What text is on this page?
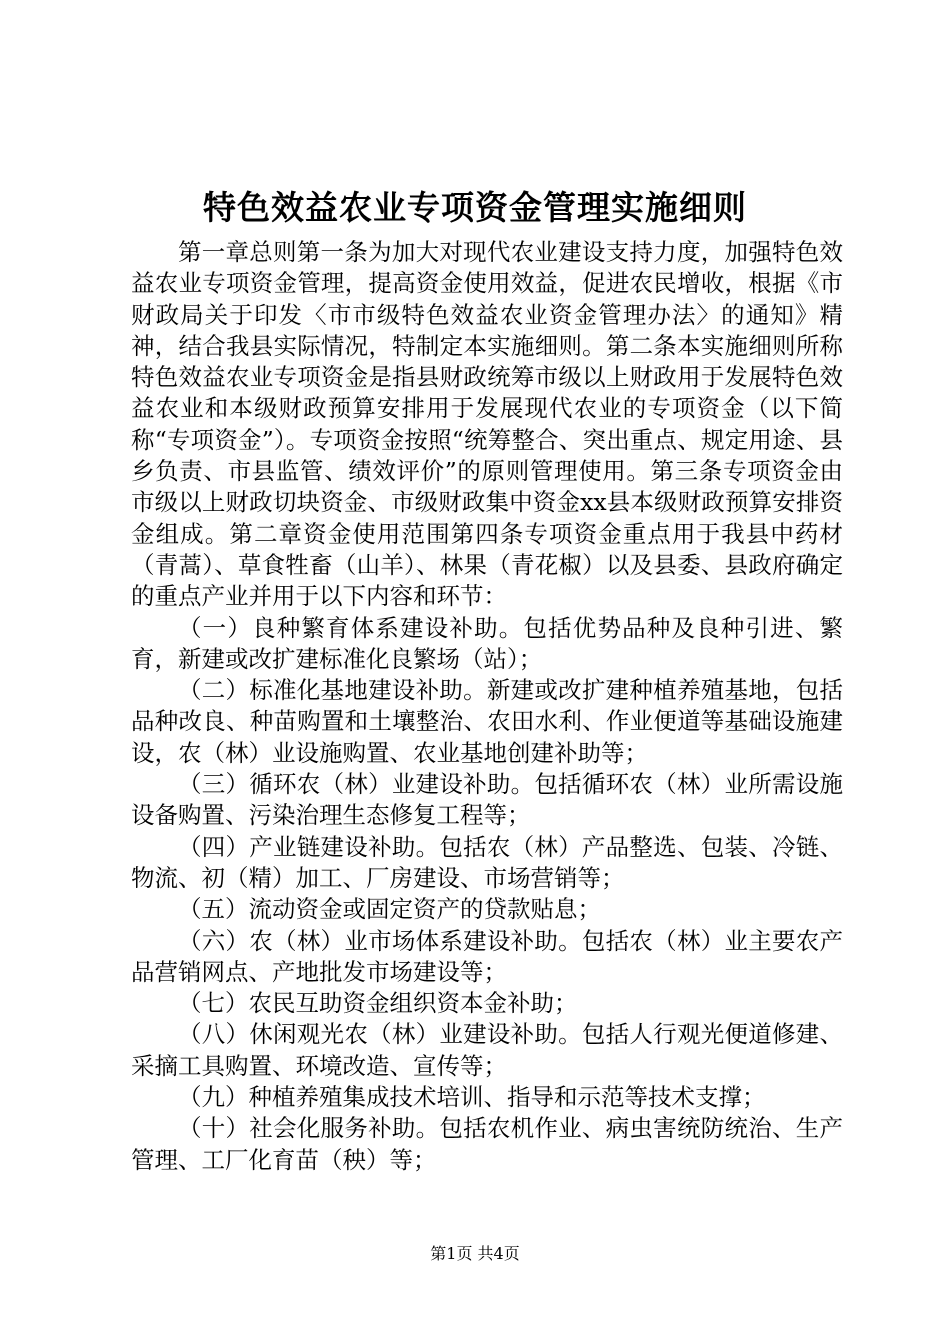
特色效益农业专项资金管理实施细则

第一章总则第一条为加大对现代农业建设支持力度，加强特色效益农业专项资金管理，提高资金使用效益，促进农民增收，根据《市财政局关于印发〈市市级特色效益农业资金管理办法〉的通知》精神，结合我县实际情况，特制定本实施细则。第二条本实施细则所称特色效益农业专项资金是指县财政统筹市级以上财政用于发展特色效益农业和本级财政预算安排用于发展现代农业的专项资金（以下简称“专项资金”）。专项资金按照“统筹整合、突出重点、规定用途、县乡负责、市县监管、绩效评价”的原则管理使用。第三条专项资金由市级以上财政切块资金、市级财政集中资金xx县本级财政预算安排资金组成。第二章资金使用范围第四条专项资金重点用于我县中药材（青蒿）、草食牲畜（山羊）、林果（青花椒）以及县委、县政府确定的重点产业并用于以下内容和环节：

（一）良种繁育体系建设补助。包括优势品种及良种引进、繁育，新建或改扩建标准化良繁场（站）；

（二）标准化基地建设补助。新建或改扩建种植养殖基地，包括品种改良、种苗购置和土壤整治、农田水利、作业便道等基础设施建设，农（林）业设施购置、农业基地创建补助等；

（三）循环农（林）业建设补助。包括循环农（林）业所需设施设备购置、污染治理生态修复工程等；

（四）产业链建设补助。包括农（林）产品整选、包装、冷链、物流、初（精）加工、厂房建设、市场营销等；

（五）流动资金或固定资产的贷款贴息；

（六）农（林）业市场体系建设补助。包括农（林）业主要农产品营销网点、产地批发市场建设等；

（七）农民互助资金组织资本金补助；

（八）休闲观光农（林）业建设补助。包括人行观光便道修建、采摘工具购置、环境改造、宣传等；

（九）种植养殖集成技术培训、指导和示范等技术支撑；

（十）社会化服务补助。包括农机作业、病虫害统防统治、生产管理、工厂化育苗（秧）等；

第1页 共4页
